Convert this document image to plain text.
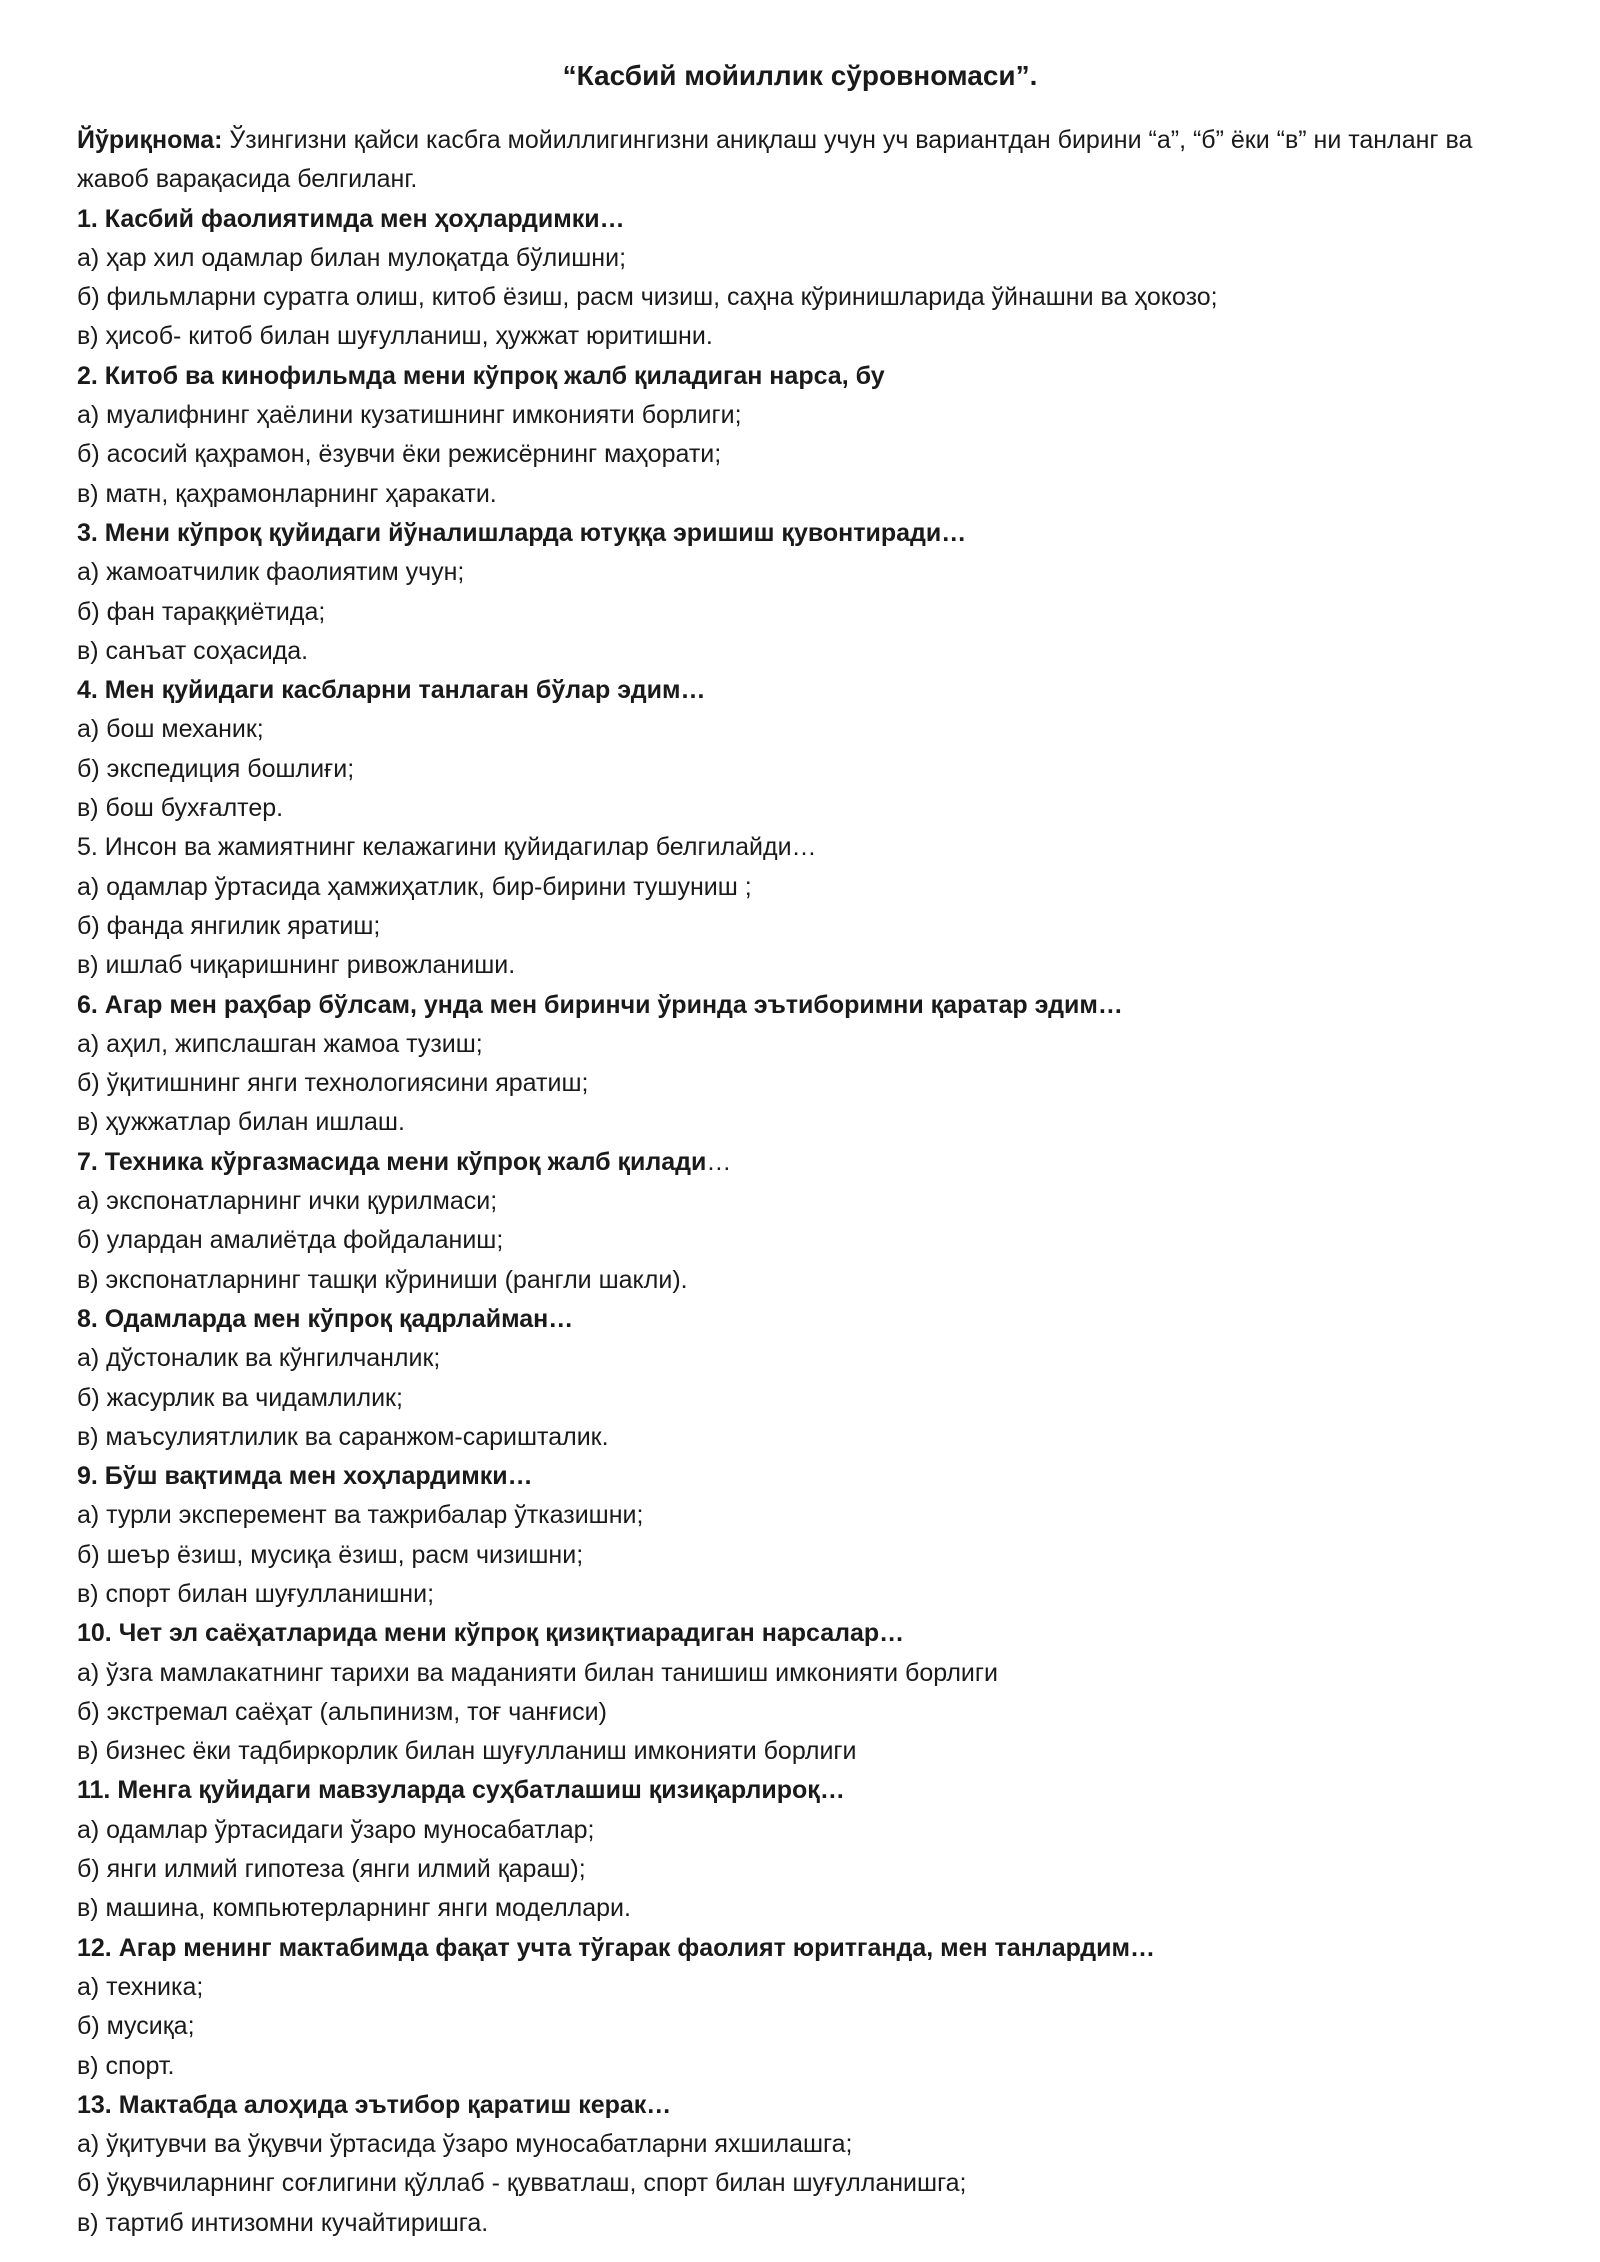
“Касбий мойиллик сўровномаси”.
Йўриқнома: Ўзингизни қайси касбга мойиллигингизни аниқлаш учун уч вариантдан бирини “а”, “б” ёки “в” ни танланг ва жавоб варақасида белгиланг.
1. Касбий фаолиятимда мен ҳоҳлардимки…
а) ҳар хил одамлар билан мулоқатда бўлишни;
б) фильмларни суратга олиш, китоб ёзиш, расм чизиш, саҳна кўринишларида ўйнашни ва ҳокозо;
в) ҳисоб- китоб билан шуғулланиш, ҳужжат юритишни.
2. Китоб ва кинофильмда мени кўпроқ жалб қиладиган нарса, бу
а) муалифнинг ҳаёлини кузатишнинг имконияти борлиги;
б) асосий қаҳрамон, ёзувчи ёки режисёрнинг маҳорати;
в) матн, қаҳрамонларнинг ҳаракати.
3. Мени кўпроқ қуйидаги йўналишларда ютуққа эришиш қувонтиради…
а) жамоатчилик фаолиятим учун;
б) фан тараққиётида;
в) санъат соҳасида.
4. Мен қуйидаги касбларни танлаган бўлар эдим…
а) бош механик;
б) экспедиция бошлиғи;
в) бош бухғалтер.
5. Инсон ва жамиятнинг келажагини қуйидагилар белгилайди…
а) одамлар ўртасида ҳамжиҳатлик, бир-бирини тушуниш ;
б) фанда янгилик яратиш;
в) ишлаб чиқаришнинг ривожланиши.
6. Агар мен раҳбар бўлсам, унда мен биринчи ўринда эътиборимни қаратар эдим…
а) аҳил, жипслашган жамоа тузиш;
б) ўқитишнинг янги технологиясини яратиш;
в) ҳужжатлар билан ишлаш.
7. Техника кўргазмасида мени кўпроқ жалб қилади…
а) экспонатларнинг ички қурилмаси;
б) улардан амалиётда фойдаланиш;
в) экспонатларнинг ташқи кўриниши (рангли шакли).
8. Одамларда мен кўпроқ қадрлайман…
а) дўстоналик ва кўнгилчанлик;
б) жасурлик ва чидамлилик;
в) маъсулиятлилик ва саранжом-саришталик.
9. Бўш вақтимда мен хоҳлардимки…
а) турли экспеpемент ва тажрибалар ўтказишни;
б) шеър ёзиш, мусиқа ёзиш, расм чизишни;
в) спорт билан шуғулланишни;
10. Чет эл саёҳатларида мени кўпроқ қизиқтиарадиган нарсалар…
а) ўзга мамлакатнинг тарихи ва маданияти билан танишиш имконияти борлиги
б) экстремал саёҳат (альпинизм, тоғ чанғиси)
в) бизнес ёки тадбиркорлик билан шуғулланиш имконияти борлиги
11. Менга қуйидаги мавзуларда суҳбатлашиш қизиқарлироқ…
а) одамлар ўртасидаги ўзаро муносабатлар;
б) янги илмий гипотеза (янги илмий қараш);
в) машина, компьютерларнинг янги моделлари.
12. Агар менинг мактабимда фақат учта тўгарак фаолият юритганда, мен танлардим…
а) техника;
б) мусиқа;
в) спорт.
13. Мактабда алоҳида эътибор қаратиш керак…
а) ўқитувчи ва ўқувчи ўртасида ўзаро муносабатларни яхшилашга;
б) ўқувчиларнинг соғлигини қўллаб - қувватлаш, спорт билан шуғулланишга;
в) тартиб интизомни кучайтиришга.
